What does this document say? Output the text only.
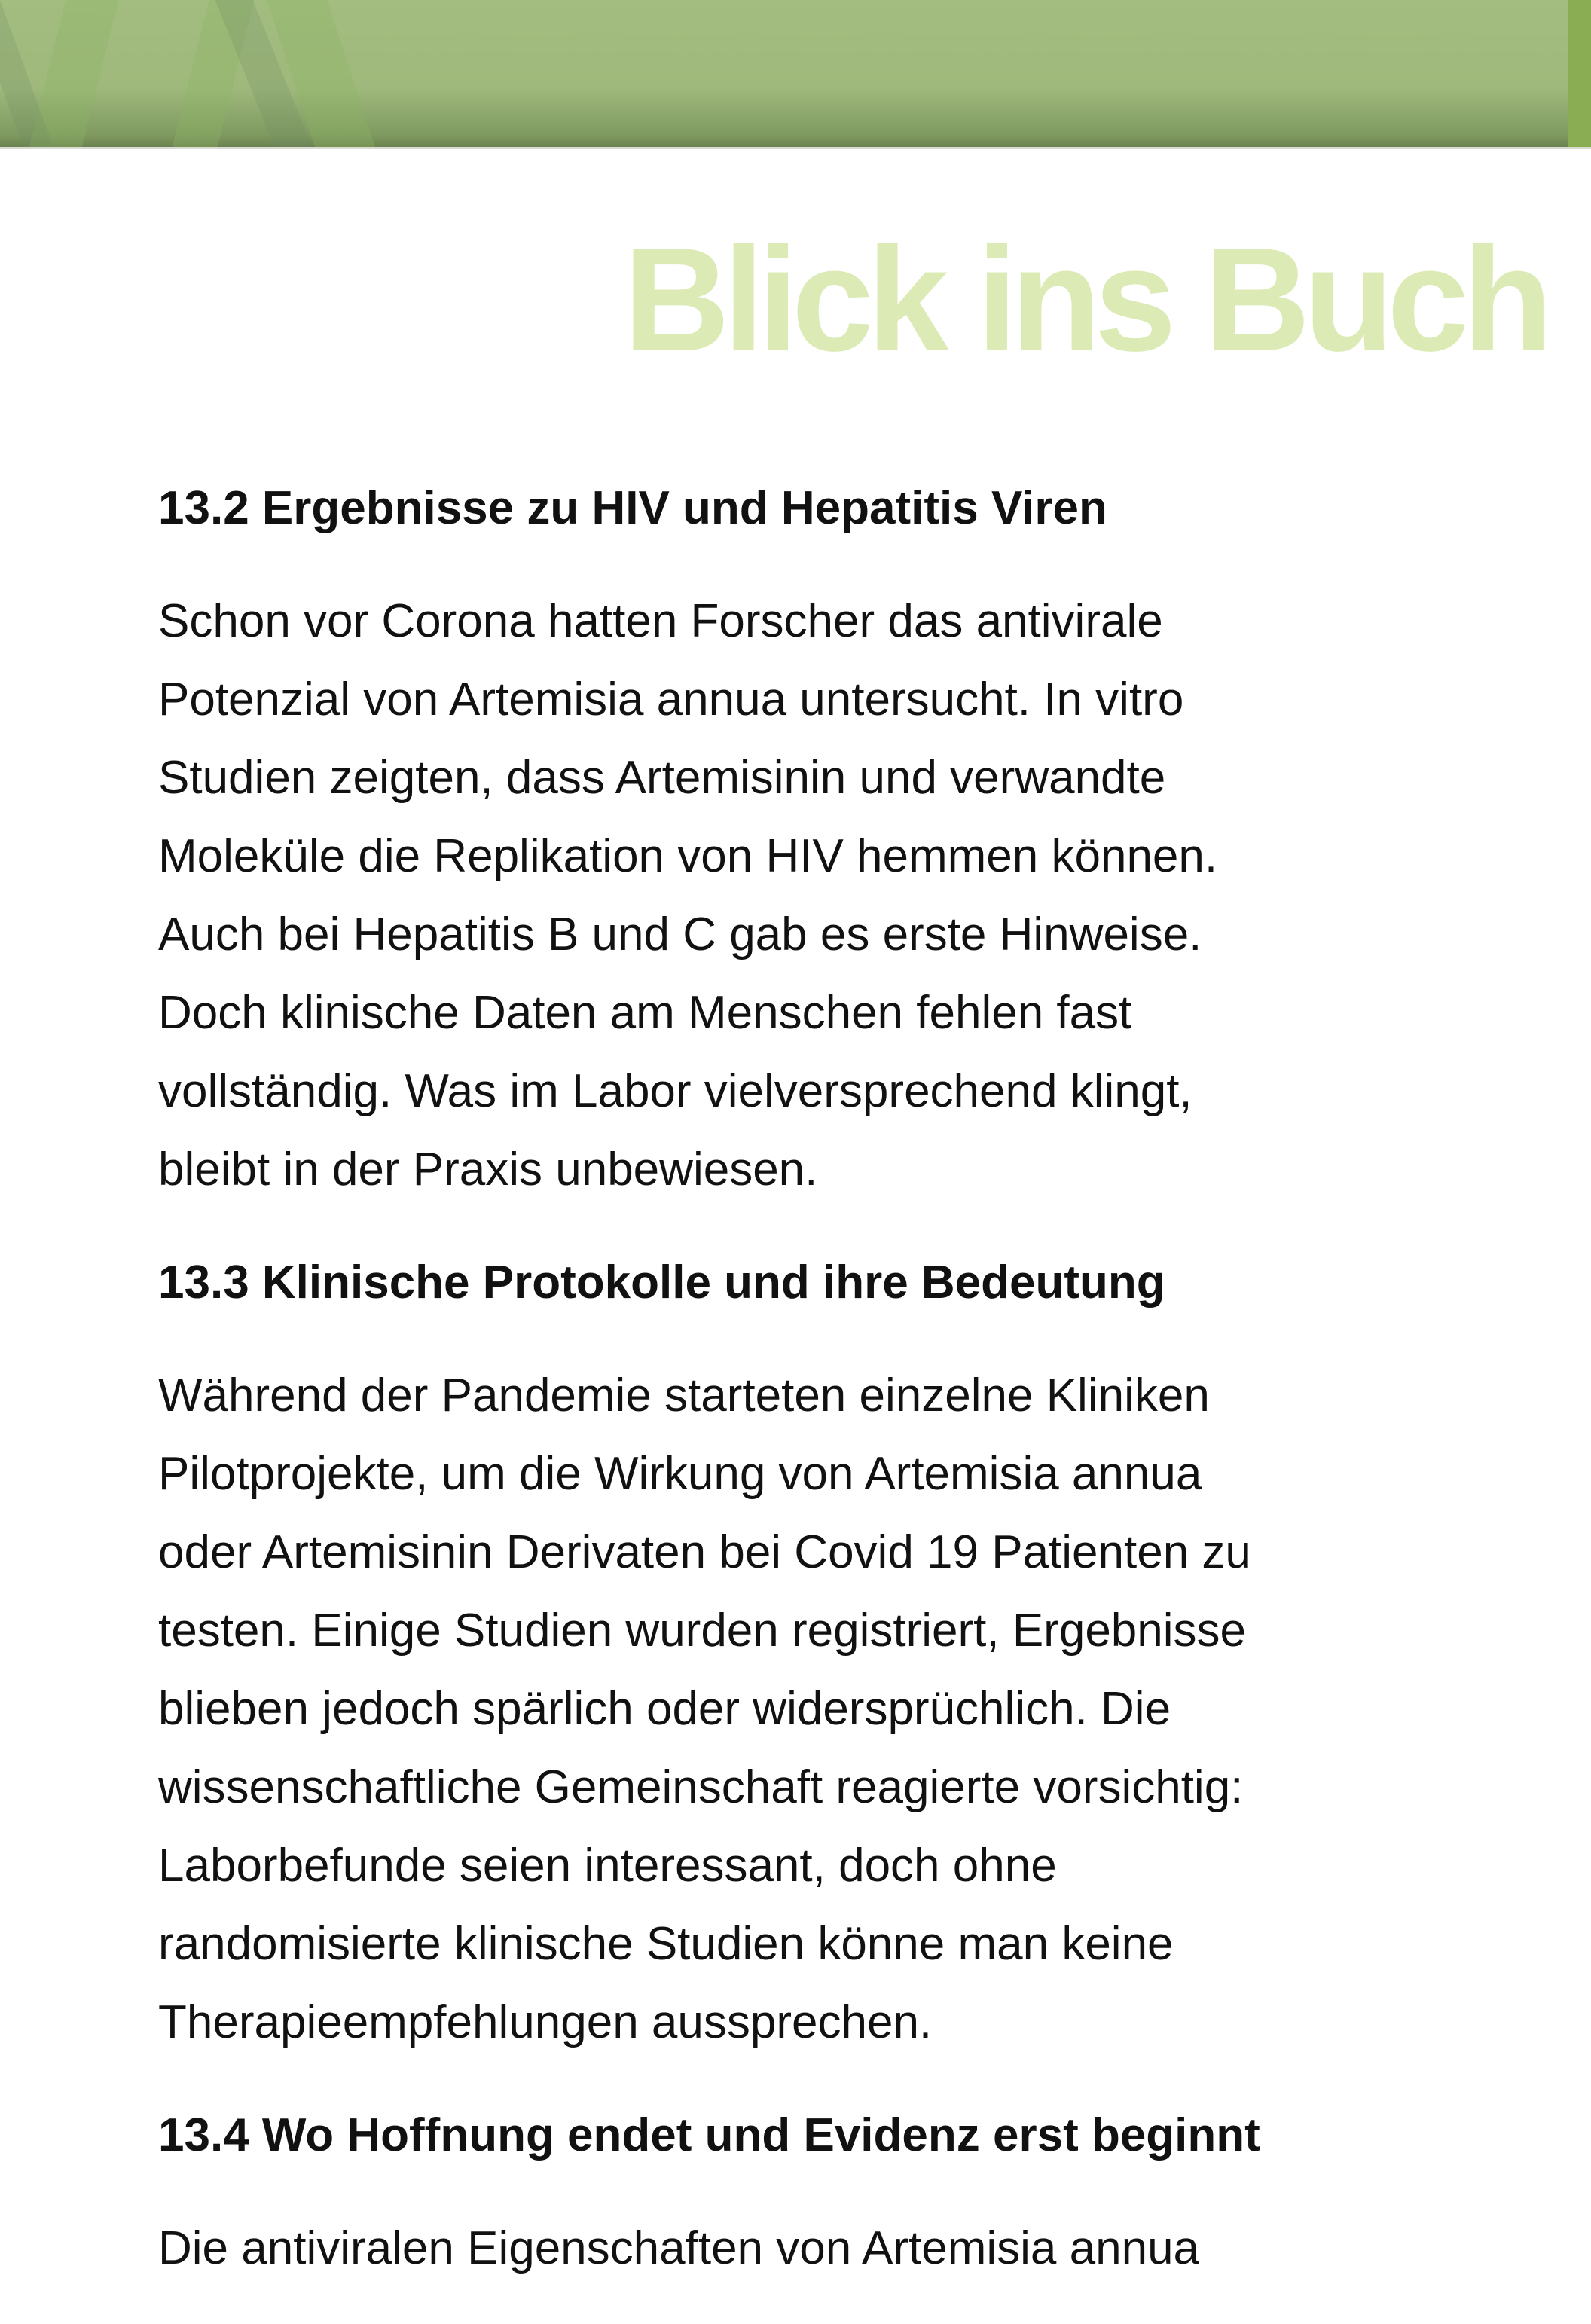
Blick ins Buch
13.2 Ergebnisse zu HIV und Hepatitis Viren
Schon vor Corona hatten Forscher das antivirale
Potenzial von Artemisia annua untersucht. In vitro
Studien zeigten, dass Artemisinin und verwandte
Moleküle die Replikation von HIV hemmen können.
Auch bei Hepatitis B und C gab es erste Hinweise.
Doch klinische Daten am Menschen fehlen fast
vollständig. Was im Labor vielversprechend klingt,
bleibt in der Praxis unbewiesen.
13.3 Klinische Protokolle und ihre Bedeutung
Während der Pandemie starteten einzelne Kliniken
Pilotprojekte, um die Wirkung von Artemisia annua
oder Artemisinin Derivaten bei Covid 19 Patienten zu
testen. Einige Studien wurden registriert, Ergebnisse
blieben jedoch spärlich oder widersprüchlich. Die
wissenschaftliche Gemeinschaft reagierte vorsichtig:
Laborbefunde seien interessant, doch ohne
randomisierte klinische Studien könne man keine
Therapieempfehlungen aussprechen.
13.4 Wo Hoffnung endet und Evidenz erst beginnt
Die antiviralen Eigenschaften von Artemisia annua
